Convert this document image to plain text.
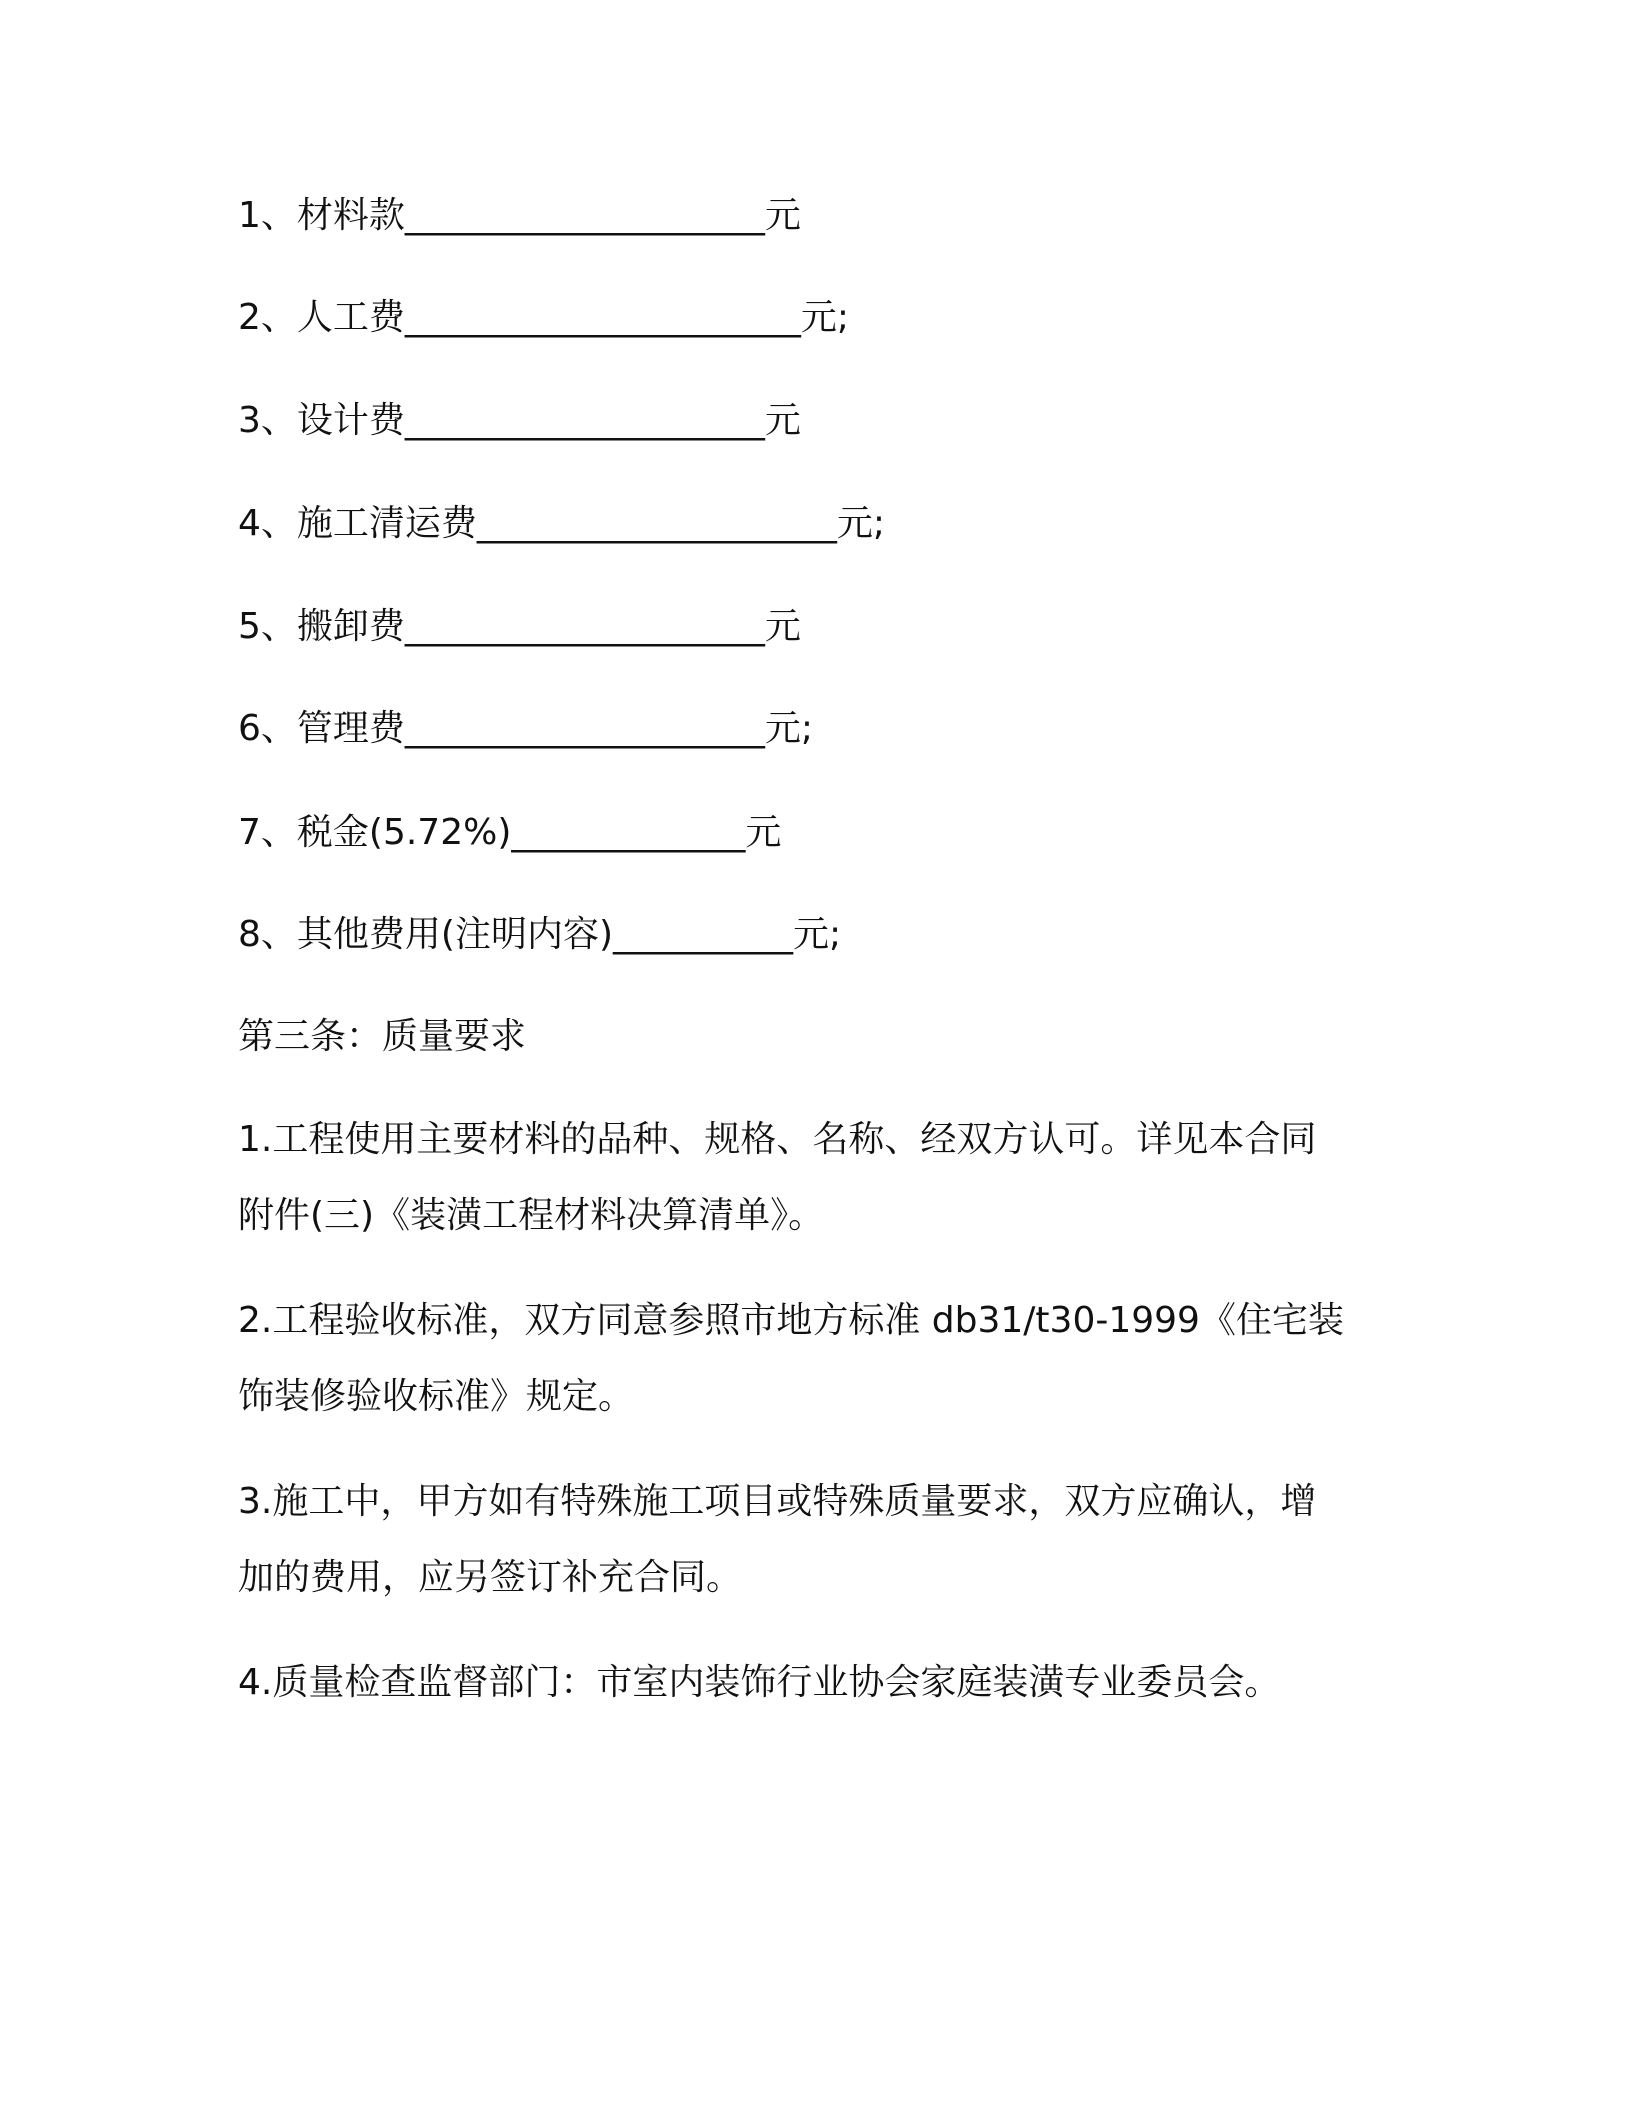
1、材料款____________________元
2、人工费______________________元;
3、设计费____________________元
4、施工清运费____________________元;
5、搬卸费____________________元
6、管理费____________________元;
7、税金(5.72%)_____________元
8、其他费用(注明内容)__________元;
第三条：质量要求
1.工程使用主要材料的品种、规格、名称、经双方认可。详见本合同
附件(三)《装潢工程材料决算清单》。
2.工程验收标准，双方同意参照市地方标准 db31/t30-1999《住宅装
饰装修验收标准》规定。
3.施工中，甲方如有特殊施工项目或特殊质量要求，双方应确认，增
加的费用，应另签订补充合同。
4.质量检查监督部门：市室内装饰行业协会家庭装潢专业委员会。
